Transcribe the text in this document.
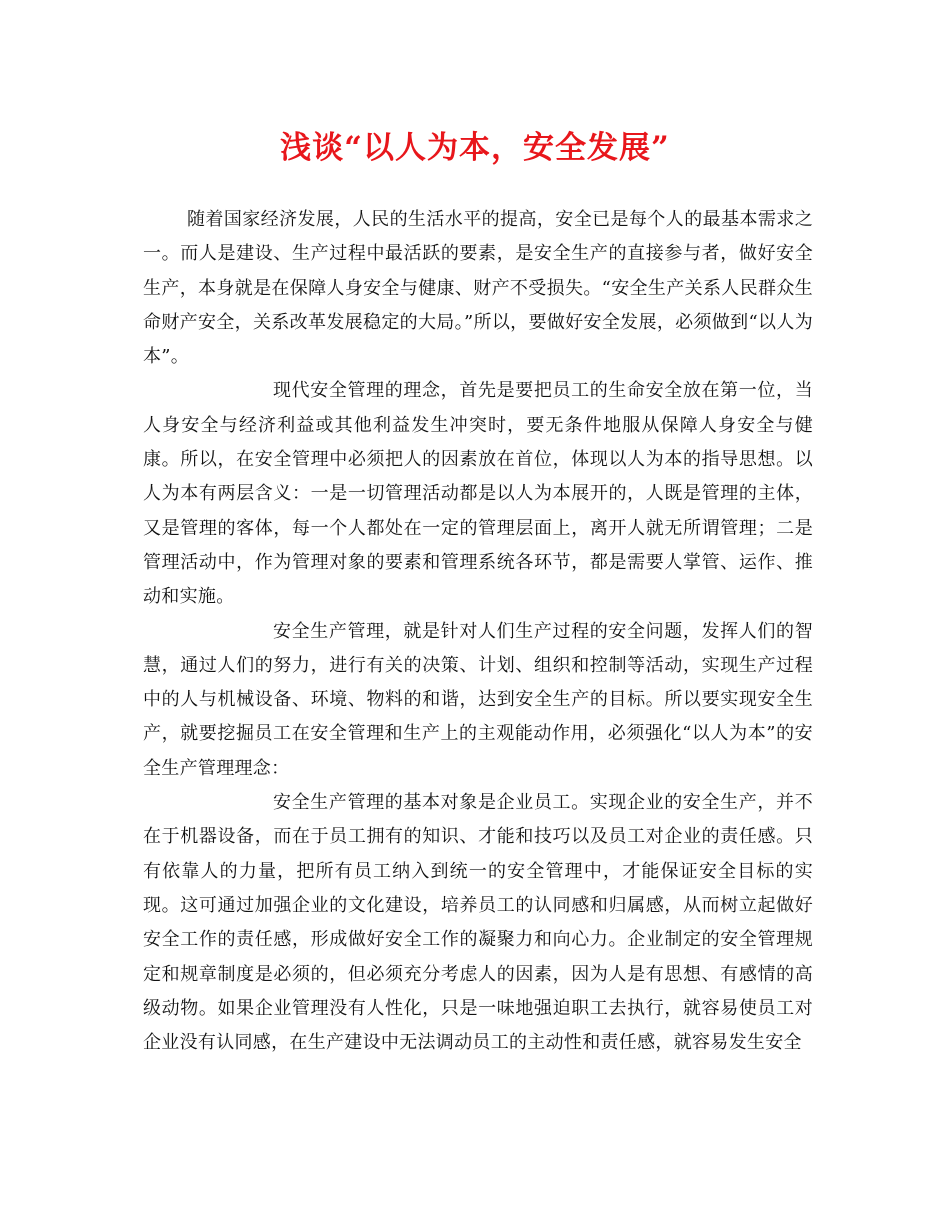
浅谈“以人为本，安全发展”

随着国家经济发展，人民的生活水平的提高，安全已是每个人的最基本需求之一。而人是建设、生产过程中最活跃的要素，是安全生产的直接参与者，做好安全生产，本身就是在保障人身安全与健康、财产不受损失。“安全生产关系人民群众生命财产安全，关系改革发展稳定的大局。”所以，要做好安全发展，必须做到“以人为本”。

现代安全管理的理念，首先是要把员工的生命安全放在第一位，当人身安全与经济利益或其他利益发生冲突时，要无条件地服从保障人身安全与健康。所以，在安全管理中必须把人的因素放在首位，体现以人为本的指导思想。以人为本有两层含义：一是一切管理活动都是以人为本展开的，人既是管理的主体，又是管理的客体，每一个人都处在一定的管理层面上，离开人就无所谓管理；二是管理活动中，作为管理对象的要素和管理系统各环节，都是需要人掌管、运作、推动和实施。

安全生产管理，就是针对人们生产过程的安全问题，发挥人们的智慧，通过人们的努力，进行有关的决策、计划、组织和控制等活动，实现生产过程中的人与机械设备、环境、物料的和谐，达到安全生产的目标。所以要实现安全生产，就要挖掘员工在安全管理和生产上的主观能动作用，必须强化“以人为本”的安全生产管理理念：

安全生产管理的基本对象是企业员工。实现企业的安全生产，并不在于机器设备，而在于员工拥有的知识、才能和技巧以及员工对企业的责任感。只有依靠人的力量，把所有员工纳入到统一的安全管理中，才能保证安全目标的实现。这可通过加强企业的文化建设，培养员工的认同感和归属感，从而树立起做好安全工作的责任感，形成做好安全工作的凝聚力和向心力。企业制定的安全管理规定和规章制度是必须的，但必须充分考虑人的因素，因为人是有思想、有感情的高级动物。如果企业管理没有人性化，只是一味地强迫职工去执行，就容易使员工对企业没有认同感，在生产建设中无法调动员工的主动性和责任感，就容易发生安全
